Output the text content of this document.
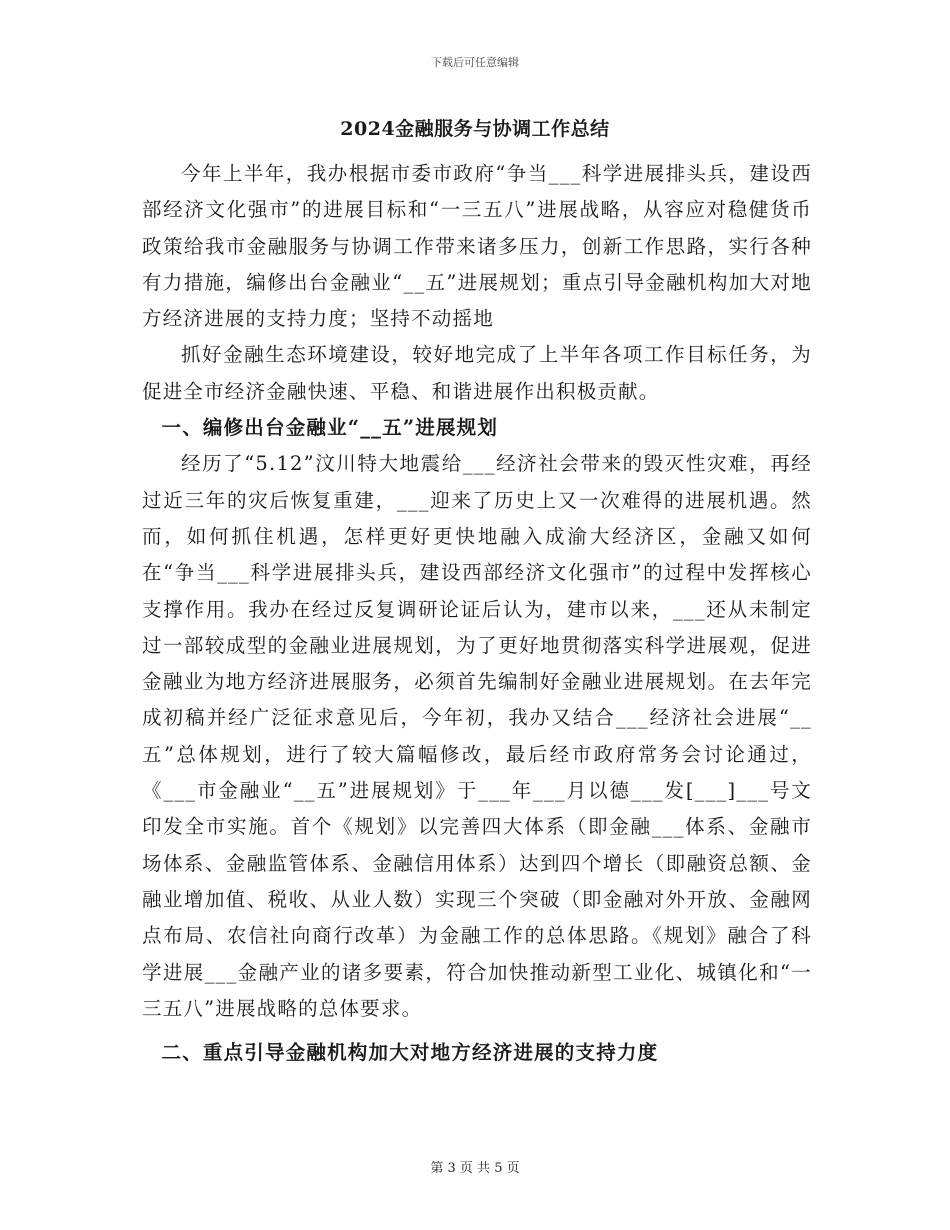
下载后可任意编辑
2024金融服务与协调工作总结

今年上半年，我办根据市委市政府“争当___科学进展排头兵，建设西部经济文化强市”的进展目标和“一三五八”进展战略，从容应对稳健货币政策给我市金融服务与协调工作带来诸多压力，创新工作思路，实行各种有力措施，编修出台金融业“__五”进展规划；重点引导金融机构加大对地方经济进展的支持力度；坚持不动摇地

抓好金融生态环境建设，较好地完成了上半年各项工作目标任务，为促进全市经济金融快速、平稳、和谐进展作出积极贡献。

一、编修出台金融业“__五”进展规划

经历了“5.12”汶川特大地震给___经济社会带来的毁灭性灾难，再经过近三年的灾后恢复重建，___迎来了历史上又一次难得的进展机遇。然而，如何抓住机遇，怎样更好更快地融入成渝大经济区，金融又如何在“争当___科学进展排头兵，建设西部经济文化强市”的过程中发挥核心支撑作用。我办在经过反复调研论证后认为，建市以来，___还从未制定过一部较成型的金融业进展规划，为了更好地贯彻落实科学进展观，促进金融业为地方经济进展服务，必须首先编制好金融业进展规划。在去年完成初稿并经广泛征求意见后，今年初，我办又结合___经济社会进展“__五”总体规划，进行了较大篇幅修改，最后经市政府常务会讨论通过，《___市金融业“__五”进展规划》于___年___月以德___发[___]___号文印发全市实施。首个《规划》以完善四大体系（即金融___体系、金融市场体系、金融监管体系、金融信用体系）达到四个增长（即融资总额、金融业增加值、税收、从业人数）实现三个突破（即金融对外开放、金融网点布局、农信社向商行改革）为金融工作的总体思路。《规划》融合了科学进展___金融产业的诸多要素，符合加快推动新型工业化、城镇化和“一三五八”进展战略的总体要求。

二、重点引导金融机构加大对地方经济进展的支持力度
第 3 页 共 5 页
